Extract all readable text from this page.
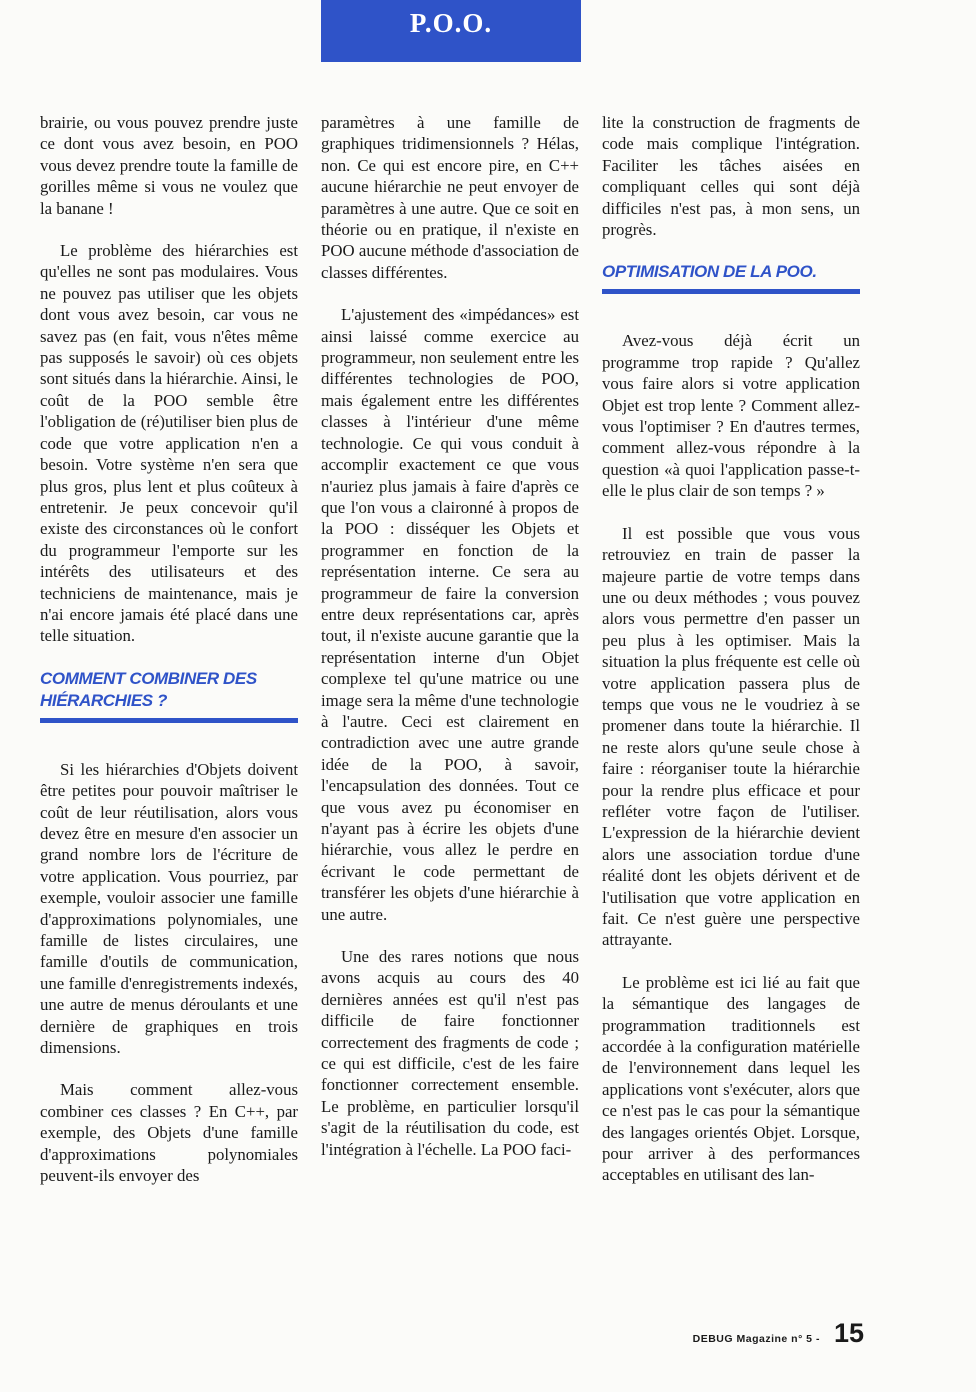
P.O.O.

brairie, ou vous pouvez prendre juste ce dont vous avez besoin, en POO vous devez prendre toute la famille de gorilles même si vous ne voulez que la banane !

Le problème des hiérarchies est qu'elles ne sont pas modulaires. Vous ne pouvez pas utiliser que les objets dont vous avez besoin, car vous ne savez pas (en fait, vous n'êtes même pas supposés le savoir) où ces objets sont situés dans la hiérarchie. Ainsi, le coût de la POO semble être l'obligation de (ré)utiliser bien plus de code que votre application n'en a besoin. Votre système n'en sera que plus gros, plus lent et plus coûteux à entretenir. Je peux concevoir qu'il existe des circonstances où le confort du programmeur l'emporte sur les intérêts des utilisateurs et des techniciens de maintenance, mais je n'ai encore jamais été placé dans une telle situation.

COMMENT COMBINER DES HIÉRARCHIES ?

Si les hiérarchies d'Objets doivent être petites pour pouvoir maîtriser le coût de leur réutilisation, alors vous devez être en mesure d'en associer un grand nombre lors de l'écriture de votre application. Vous pourriez, par exemple, vouloir associer une famille d'approximations polynomiales, une famille de listes circulaires, une famille d'outils de communication, une famille d'enregistrements indexés, une autre de menus déroulants et une dernière de graphiques en trois dimensions.

Mais comment allez-vous combiner ces classes ? En C++, par exemple, des Objets d'une famille d'approximations polynomiales peuvent-ils envoyer des

paramètres à une famille de graphiques tridimensionnels ? Hélas, non. Ce qui est encore pire, en C++ aucune hiérarchie ne peut envoyer de paramètres à une autre. Que ce soit en théorie ou en pratique, il n'existe en POO aucune méthode d'association de classes différentes.

L'ajustement des «impédances» est ainsi laissé comme exercice au programmeur, non seulement entre les différentes technologies de POO, mais également entre les différentes classes à l'intérieur d'une même technologie. Ce qui vous conduit à accomplir exactement ce que vous n'auriez plus jamais à faire d'après ce que l'on vous a claironné à propos de la POO : disséquer les Objets et programmer en fonction de la représentation interne. Ce sera au programmeur de faire la conversion entre deux représentations car, après tout, il n'existe aucune garantie que la représentation interne d'un Objet complexe tel qu'une matrice ou une image sera la même d'une technologie à l'autre. Ceci est clairement en contradiction avec une autre grande idée de la POO, à savoir, l'encapsulation des données. Tout ce que vous avez pu économiser en n'ayant pas à écrire les objets d'une hiérarchie, vous allez le perdre en écrivant le code permettant de transférer les objets d'une hiérarchie à une autre.

Une des rares notions que nous avons acquis au cours des 40 dernières années est qu'il n'est pas difficile de faire fonctionner correctement des fragments de code ; ce qui est difficile, c'est de les faire fonctionner correctement ensemble. Le problème, en particulier lorsqu'il s'agit de la réutilisation du code, est l'intégration à l'échelle. La POO faci-

lite la construction de fragments de code mais complique l'intégration. Faciliter les tâches aisées en compliquant celles qui sont déjà difficiles n'est pas, à mon sens, un progrès.

OPTIMISATION DE LA POO.

Avez-vous déjà écrit un programme trop rapide ? Qu'allez vous faire alors si votre application Objet est trop lente ? Comment allez-vous l'optimiser ? En d'autres termes, comment allez-vous répondre à la question «à quoi l'application passe-t-elle le plus clair de son temps ? »

Il est possible que vous vous retrouviez en train de passer la majeure partie de votre temps dans une ou deux méthodes ; vous pouvez alors vous permettre d'en passer un peu plus à les optimiser. Mais la situation la plus fréquente est celle où votre application passera plus de temps que vous ne le voudriez à se promener dans toute la hiérarchie. Il ne reste alors qu'une seule chose à faire : réorganiser toute la hiérarchie pour la rendre plus efficace et pour refléter votre façon de l'utiliser. L'expression de la hiérarchie devient alors une association tordue d'une réalité dont les objets dérivent et de l'utilisation que votre application en fait. Ce n'est guère une perspective attrayante.

Le problème est ici lié au fait que la sémantique des langages de programmation traditionnels est accordée à la configuration matérielle de l'environnement dans lequel les applications vont s'exécuter, alors que ce n'est pas le cas pour la sémantique des langages orientés Objet. Lorsque, pour arriver à des performances acceptables en utilisant des lan-

DEBUG Magazine n° 5 - 15
